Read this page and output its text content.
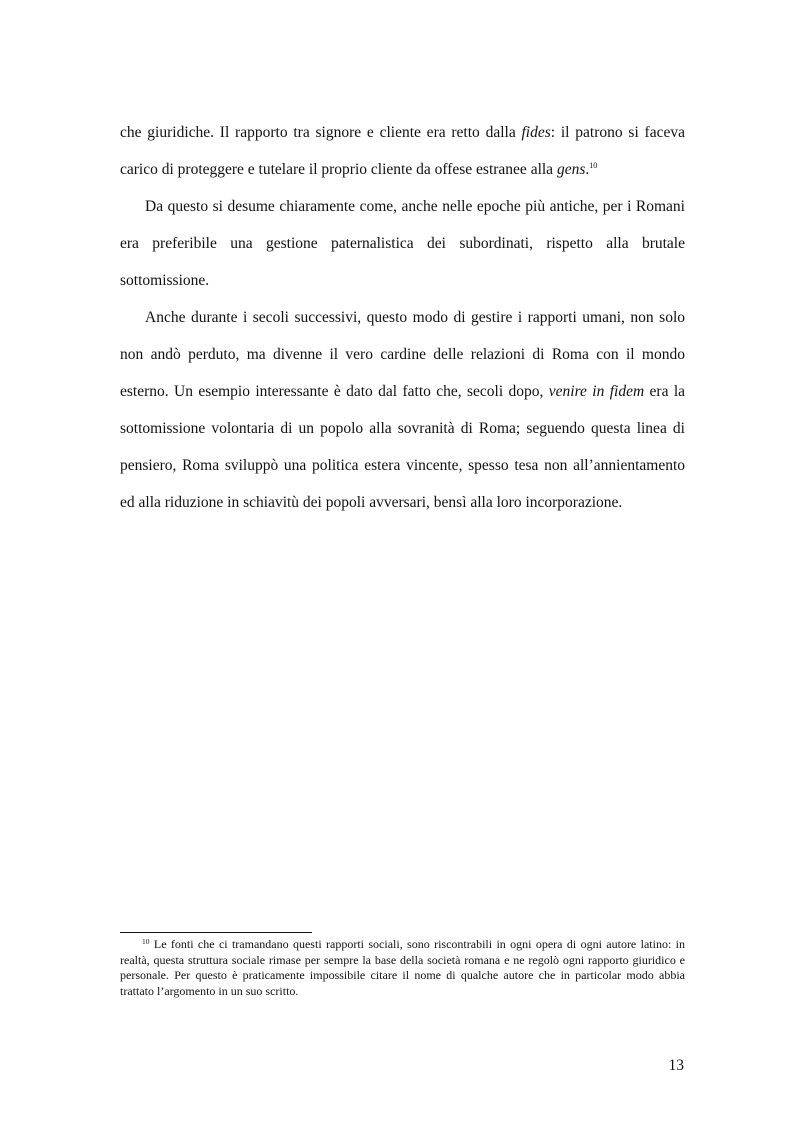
che giuridiche. Il rapporto tra signore e cliente era retto dalla fides: il patrono si faceva carico di proteggere e tutelare il proprio cliente da offese estranee alla gens.$^{10}$

Da questo si desume chiaramente come, anche nelle epoche più antiche, per i Romani era preferibile una gestione paternalistica dei subordinati, rispetto alla brutale sottomissione.

Anche durante i secoli successivi, questo modo di gestire i rapporti umani, non solo non andò perduto, ma divenne il vero cardine delle relazioni di Roma con il mondo esterno. Un esempio interessante è dato dal fatto che, secoli dopo, venire in fidem era la sottomissione volontaria di un popolo alla sovranità di Roma; seguendo questa linea di pensiero, Roma sviluppò una politica estera vincente, spesso tesa non all’annientamento ed alla riduzione in schiavitù dei popoli avversari, bensì alla loro incorporazione.

$^{10}$ Le fonti che ci tramandano questi rapporti sociali, sono riscontrabili in ogni opera di ogni autore latino: in realtà, questa struttura sociale rimase per sempre la base della società romana e ne regolò ogni rapporto giuridico e personale. Per questo è praticamente impossibile citare il nome di qualche autore che in particolar modo abbia trattato l’argomento in un suo scritto.

13
